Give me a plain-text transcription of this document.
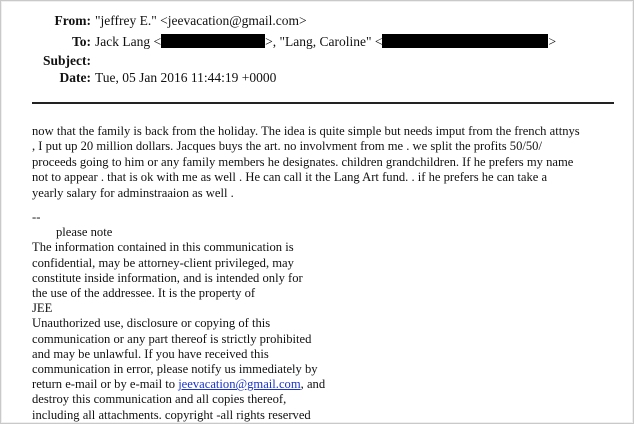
From: "jeffrey E." <jeevacation@gmail.com>
To: Jack Lang <	>, "Lang, Caroline" <	>
Subject:
Date: Tue, 05 Jan 2016 11:44:19 +0000
now that the family is back from the holiday. The idea is quite simple but needs imput from the french attnys
, I put up 20 million dollars. Jacques buys the art. no involvment from me . we split the profits 50/50/
proceeds going to him or any family members he designates. children grandchildren. If he prefers my name
not to appear . that is ok with me as well . He can call it the Lang Art fund. . if he prefers he can take a
yearly salary for adminstraaion as well .
--
please note
The information contained in this communication is
confidential, may be attorney-client privileged, may
constitute inside information, and is intended only for
the use of the addressee. It is the property of
JEE
Unauthorized use, disclosure or copying of this
communication or any part thereof is strictly prohibited
and may be unlawful. If you have received this
communication in error, please notify us immediately by
return e-mail or by e-mail to jeevacation@gmail.com, and
destroy this communication and all copies thereof,
including all attachments. copyright -all rights reserved
